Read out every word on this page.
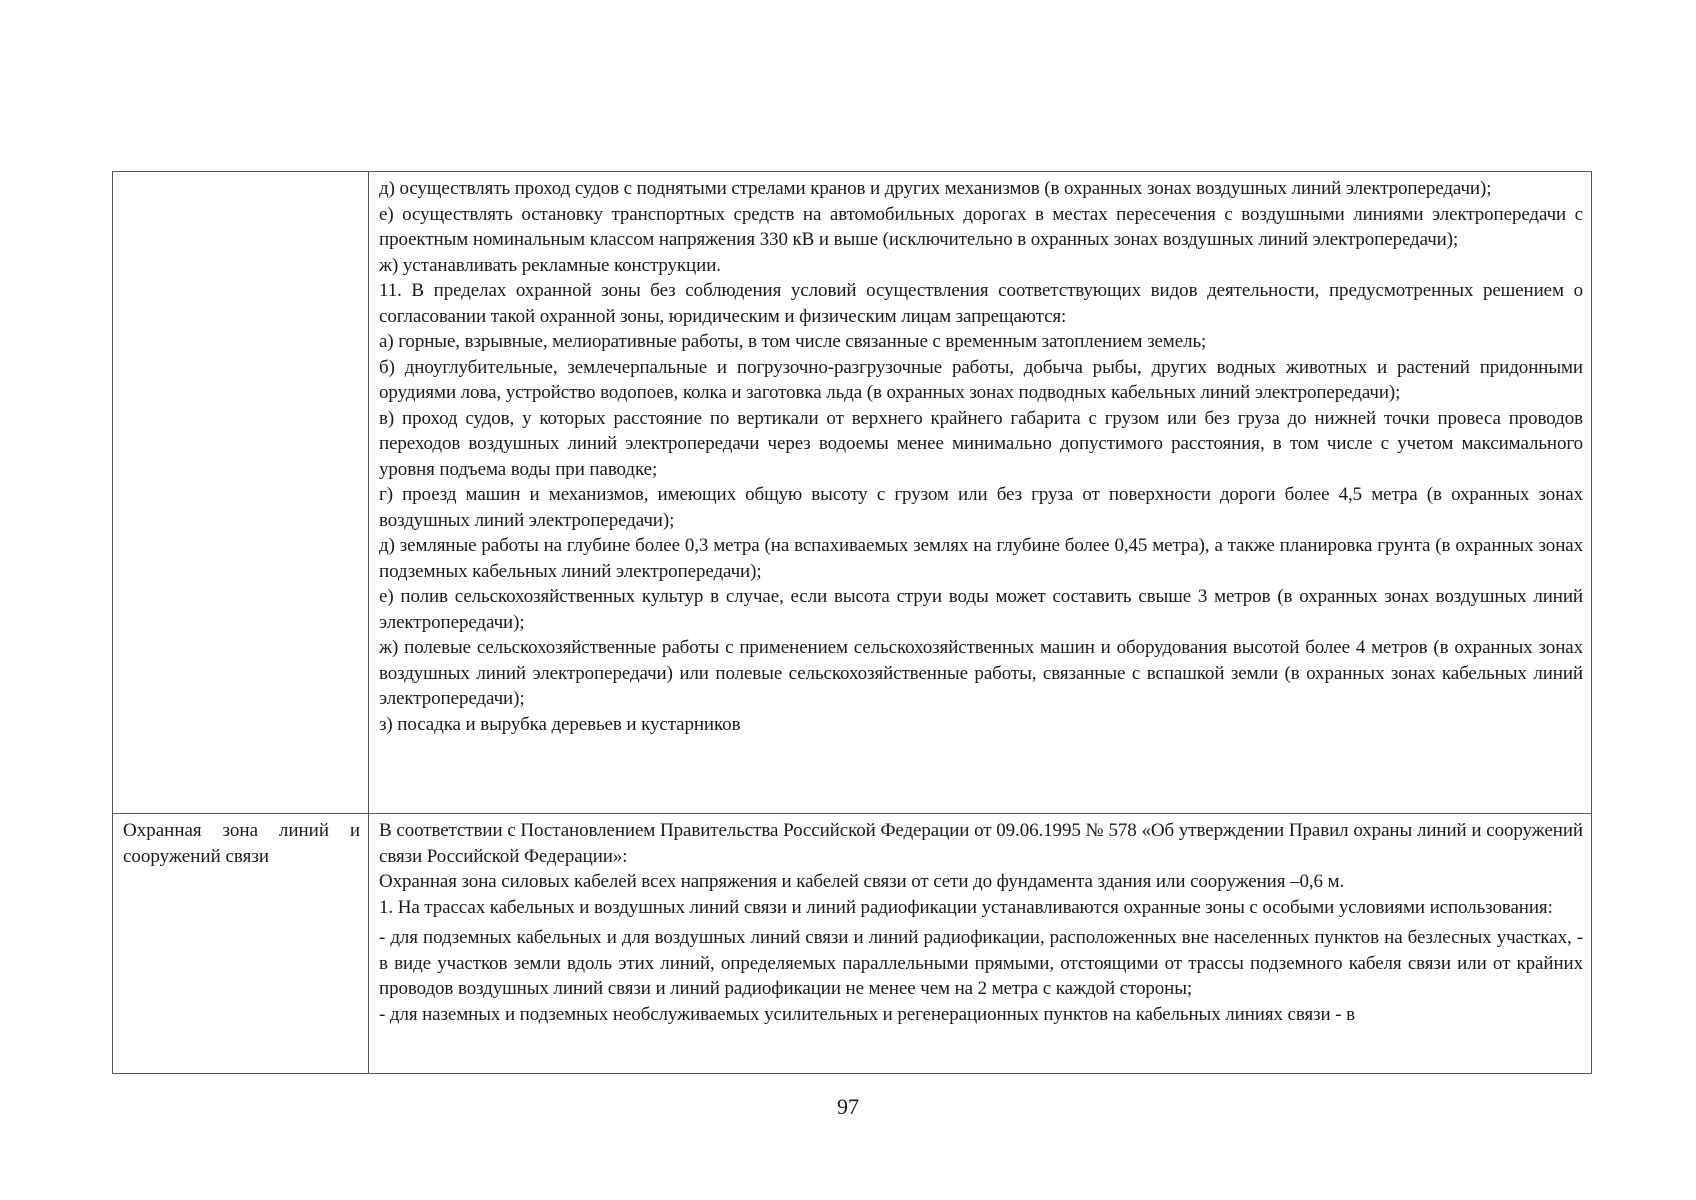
д) осуществлять проход судов с поднятыми стрелами кранов и других механизмов (в охранных зонах воздушных линий электропередачи);

е) осуществлять остановку транспортных средств на автомобильных дорогах в местах пересечения с воздушными линиями электропередачи с проектным номинальным классом напряжения 330 кВ и выше (исключительно в охранных зонах воздушных линий электропередачи);

ж) устанавливать рекламные конструкции.

11. В пределах охранной зоны без соблюдения условий осуществления соответствующих видов деятельности, предусмотренных решением о согласовании такой охранной зоны, юридическим и физическим лицам запрещаются:

а) горные, взрывные, мелиоративные работы, в том числе связанные с временным затоплением земель;

б) дноуглубительные, землечерпальные и погрузочно-разгрузочные работы, добыча рыбы, других водных животных и растений придонными орудиями лова, устройство водопоев, колка и заготовка льда (в охранных зонах подводных кабельных линий электропередачи);

в) проход судов, у которых расстояние по вертикали от верхнего крайнего габарита с грузом или без груза до нижней точки провеса проводов переходов воздушных линий электропередачи через водоемы менее минимально допустимого расстояния, в том числе с учетом максимального уровня подъема воды при паводке;

г) проезд машин и механизмов, имеющих общую высоту с грузом или без груза от поверхности дороги более 4,5 метра (в охранных зонах воздушных линий электропередачи);

д) земляные работы на глубине более 0,3 метра (на вспахиваемых землях на глубине более 0,45 метра), а также планировка грунта (в охранных зонах подземных кабельных линий электропередачи);

е) полив сельскохозяйственных культур в случае, если высота струи воды может составить свыше 3 метров (в охранных зонах воздушных линий электропередачи);

ж) полевые сельскохозяйственные работы с применением сельскохозяйственных машин и оборудования высотой более 4 метров (в охранных зонах воздушных линий электропередачи) или полевые сельскохозяйственные работы, связанные с вспашкой земли (в охранных зонах кабельных линий электропередачи);

з) посадка и вырубка деревьев и кустарников

Охранная зона линий и сооружений связи

В соответствии с Постановлением Правительства Российской Федерации от 09.06.1995 № 578 «Об утверждении Правил охраны линий и сооружений связи Российской Федерации»:

Охранная зона силовых кабелей всех напряжения и кабелей связи от сети до фундамента здания или сооружения –0,6 м.

1. На трассах кабельных и воздушных линий связи и линий радиофикации устанавливаются охранные зоны с особыми условиями использования:

- для подземных кабельных и для воздушных линий связи и линий радиофикации, расположенных вне населенных пунктов на безлесных участках, - в виде участков земли вдоль этих линий, определяемых параллельными прямыми, отстоящими от трассы подземного кабеля связи или от крайних проводов воздушных линий связи и линий радиофикации не менее чем на 2 метра с каждой стороны;

- для наземных и подземных необслуживаемых усилительных и регенерационных пунктов на кабельных линиях связи - в

97
